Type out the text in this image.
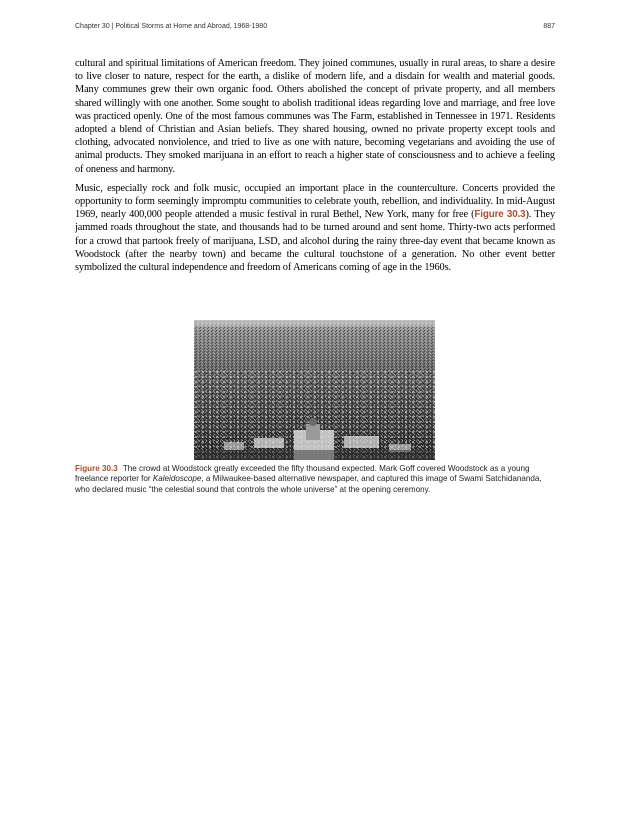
Chapter 30 | Political Storms at Home and Abroad, 1968-1980	887

cultural and spiritual limitations of American freedom. They joined communes, usually in rural areas, to share a desire to live closer to nature, respect for the earth, a dislike of modern life, and a disdain for wealth and material goods. Many communes grew their own organic food. Others abolished the concept of private property, and all members shared willingly with one another. Some sought to abolish traditional ideas regarding love and marriage, and free love was practiced openly. One of the most famous communes was The Farm, established in Tennessee in 1971. Residents adopted a blend of Christian and Asian beliefs. They shared housing, owned no private property except tools and clothing, advocated nonviolence, and tried to live as one with nature, becoming vegetarians and avoiding the use of animal products. They smoked marijuana in an effort to reach a higher state of consciousness and to achieve a feeling of oneness and harmony.

Music, especially rock and folk music, occupied an important place in the counterculture. Concerts provided the opportunity to form seemingly impromptu communities to celebrate youth, rebellion, and individuality. In mid-August 1969, nearly 400,000 people attended a music festival in rural Bethel, New York, many for free (Figure 30.3). They jammed roads throughout the state, and thousands had to be turned around and sent home. Thirty-two acts performed for a crowd that partook freely of marijuana, LSD, and alcohol during the rainy three-day event that became known as Woodstock (after the nearby town) and became the cultural touchstone of a generation. No other event better symbolized the cultural independence and freedom of Americans coming of age in the 1960s.

Figure 30.3 The crowd at Woodstock greatly exceeded the fifty thousand expected. Mark Goff covered Woodstock as a young freelance reporter for Kaleidoscope, a Milwaukee-based alternative newspaper, and captured this image of Swami Satchidananda, who declared music “the celestial sound that controls the whole universe” at the opening ceremony.
